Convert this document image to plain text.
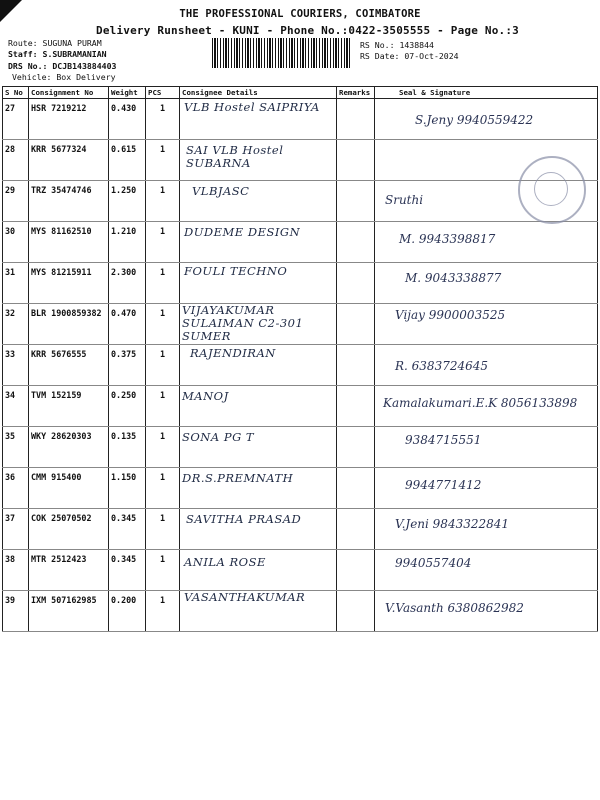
THE PROFESSIONAL COURIERS, COIMBATORE
Delivery Runsheet - KUNI - Phone No.:0422-3505555 - Page No.:3
Route: SUGUNA PURAM
Staff: S.SUBRAMANIAN
DRS No.: DCJB143884403
Vehicle: Box Delivery
RS No.: 1438844
RS Date: 07-Oct-2024
S No	Consignment No	Weight	PCS	Consignee Details	Remarks	Seal & Signature
27	HSR 7219212	0.430	1	VLB Hostel SAIPRIYA		S.Jeny 9940559422

28	KRR 5677324	0.615	1	SAI VLB Hostel SUBARNA		

29	TRZ 35474746	1.250	1	VLBJASC		Sruthi

30	MYS 81162510	1.210	1	DUDEME DESIGN		M. 9943398817

31	MYS 81215911	2.300	1	FOULI TECHNO		M. 9043338877

32	BLR 1900859382	0.470	1	VIJAYAKUMAR SULAIMAN C2-301 SUMER		Vijay 9900003525

33	KRR 5676555	0.375	1	RAJENDIRAN		R. 6383724645

34	TVM 152159	0.250	1	MANOJ		Kamalakumari.E.K 8056133898

35	WKY 28620303	0.135	1	SONA PG T		9384715551

36	CMM 915400	1.150	1	DR.S.PREMNATH		9944771412

37	COK 25070502	0.345	1	SAVITHA PRASAD		V.Jeni 9843322841

38	MTR 2512423	0.345	1	ANILA ROSE		9940557404

39	IXM 507162985	0.200	1	VASANTHAKUMAR		V.Vasanth 6380862982
